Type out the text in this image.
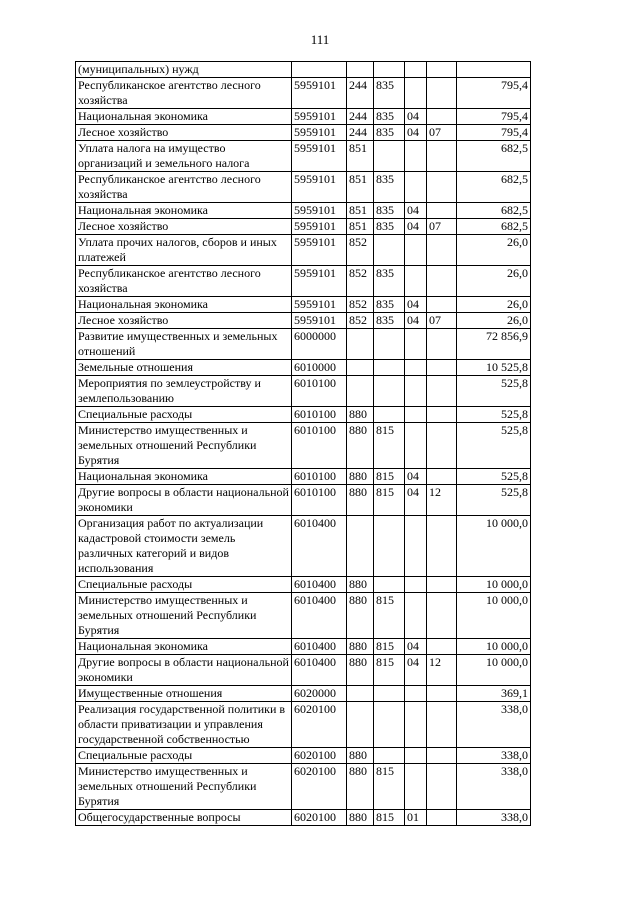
111
(муниципальных) нужд						
Республиканское агентство лесного хозяйства	5959101	244	835			795,4
Национальная экономика	5959101	244	835	04		795,4
Лесное хозяйство	5959101	244	835	04	07	795,4
Уплата налога на имущество организаций и земельного налога	5959101	851				682,5
Республиканское агентство лесного хозяйства	5959101	851	835			682,5
Национальная экономика	5959101	851	835	04		682,5
Лесное хозяйство	5959101	851	835	04	07	682,5
Уплата прочих налогов, сборов и иных платежей	5959101	852				26,0
Республиканское агентство лесного хозяйства	5959101	852	835			26,0
Национальная экономика	5959101	852	835	04		26,0
Лесное хозяйство	5959101	852	835	04	07	26,0
Развитие имущественных и земельных отношений	6000000					72 856,9
Земельные отношения	6010000					10 525,8
Мероприятия по землеустройству и землепользованию	6010100					525,8
Специальные расходы	6010100	880				525,8
Министерство имущественных и земельных отношений Республики Бурятия	6010100	880	815			525,8
Национальная экономика	6010100	880	815	04		525,8
Другие вопросы в области национальной экономики	6010100	880	815	04	12	525,8
Организация работ по актуализации кадастровой стоимости земель различных категорий и видов использования	6010400					10 000,0
Специальные расходы	6010400	880				10 000,0
Министерство имущественных и земельных отношений Республики Бурятия	6010400	880	815			10 000,0
Национальная экономика	6010400	880	815	04		10 000,0
Другие вопросы в области национальной экономики	6010400	880	815	04	12	10 000,0
Имущественные отношения	6020000					369,1
Реализация государственной политики в области приватизации и управления государственной собственностью	6020100					338,0
Специальные расходы	6020100	880				338,0
Министерство имущественных и земельных отношений Республики Бурятия	6020100	880	815			338,0
Общегосударственные вопросы	6020100	880	815	01		338,0
